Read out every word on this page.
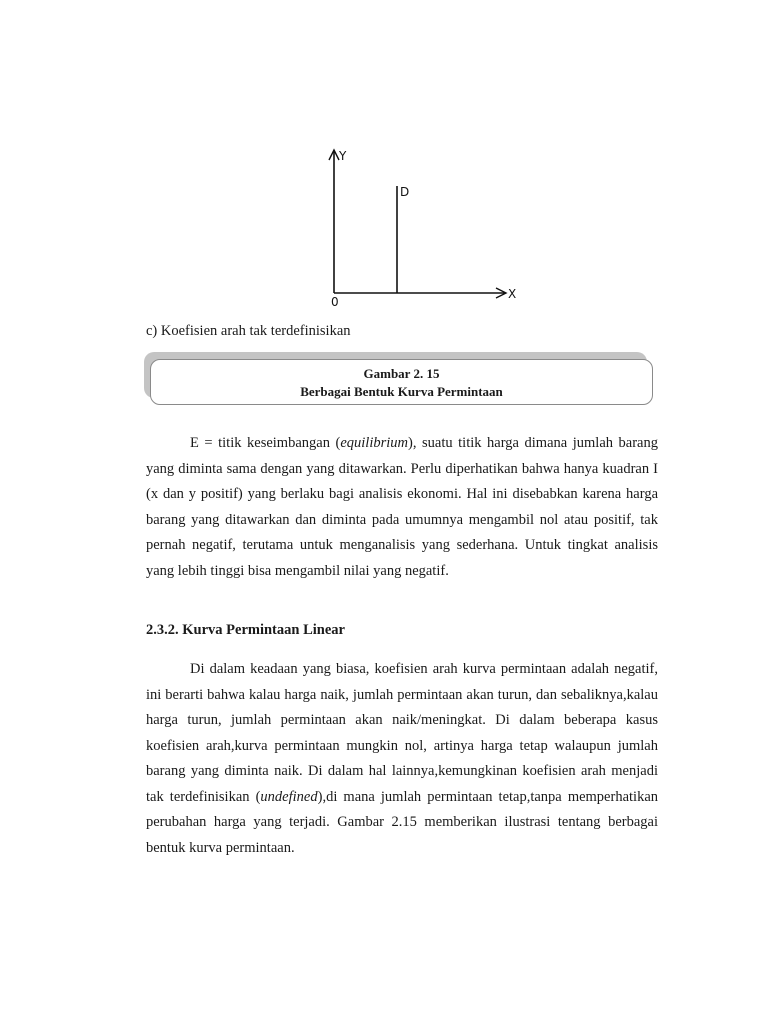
Y
X
0
D
c) Koefisien arah tak terdefinisikan
Gambar 2. 15
Berbagai Bentuk Kurva Permintaan
E = titik keseimbangan (equilibrium), suatu titik harga dimana jumlah barang yang diminta sama dengan yang ditawarkan. Perlu diperhatikan bahwa hanya kuadran I (x dan y positif) yang berlaku bagi analisis ekonomi. Hal ini disebabkan karena harga barang yang ditawarkan dan diminta pada umumnya mengambil nol atau positif, tak pernah negatif, terutama untuk menganalisis yang sederhana. Untuk tingkat analisis yang lebih tinggi bisa mengambil nilai yang negatif.
2.3.2. Kurva Permintaan Linear
Di dalam keadaan yang biasa, koefisien arah kurva permintaan adalah negatif, ini berarti bahwa kalau harga naik, jumlah permintaan akan turun, dan sebaliknya,kalau harga turun, jumlah permintaan akan naik/meningkat. Di dalam beberapa kasus koefisien arah,kurva permintaan mungkin nol, artinya harga tetap walaupun jumlah barang yang diminta naik. Di dalam hal lainnya,kemungkinan koefisien arah menjadi tak terdefinisikan (undefined),di mana jumlah permintaan tetap,tanpa memperhatikan perubahan harga yang terjadi. Gambar 2.15 memberikan ilustrasi tentang berbagai bentuk kurva permintaan.
